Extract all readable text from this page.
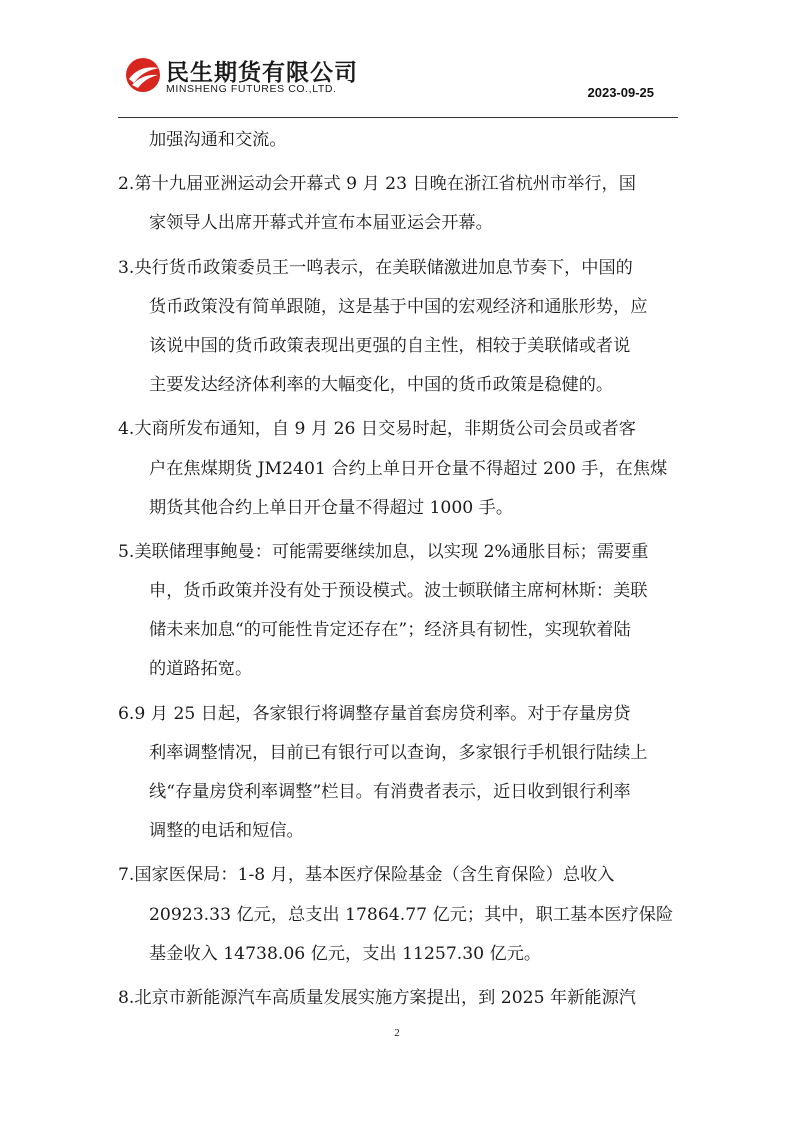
民生期货有限公司
MINSHENG FUTURES CO.,LTD.	2023-09-25
加强沟通和交流。
2.第十九届亚洲运动会开幕式 9 月 23 日晚在浙江省杭州市举行，国
家领导人出席开幕式并宣布本届亚运会开幕。
3.央行货币政策委员王一鸣表示，在美联储激进加息节奏下，中国的
货币政策没有简单跟随，这是基于中国的宏观经济和通胀形势，应
该说中国的货币政策表现出更强的自主性，相较于美联储或者说
主要发达经济体利率的大幅变化，中国的货币政策是稳健的。
4.大商所发布通知，自 9 月 26 日交易时起，非期货公司会员或者客
户在焦煤期货 JM2401 合约上单日开仓量不得超过 200 手，在焦煤
期货其他合约上单日开仓量不得超过 1000 手。
5.美联储理事鲍曼：可能需要继续加息，以实现 2%通胀目标；需要重
申，货币政策并没有处于预设模式。波士顿联储主席柯林斯：美联
储未来加息“的可能性肯定还存在”；经济具有韧性，实现软着陆
的道路拓宽。
6.9 月 25 日起，各家银行将调整存量首套房贷利率。对于存量房贷
利率调整情况，目前已有银行可以查询，多家银行手机银行陆续上
线“存量房贷利率调整”栏目。有消费者表示，近日收到银行利率
调整的电话和短信。
7.国家医保局：1-8 月，基本医疗保险基金（含生育保险）总收入
20923.33 亿元，总支出 17864.77 亿元；其中，职工基本医疗保险
基金收入 14738.06 亿元，支出 11257.30 亿元。
8.北京市新能源汽车高质量发展实施方案提出，到 2025 年新能源汽
2
